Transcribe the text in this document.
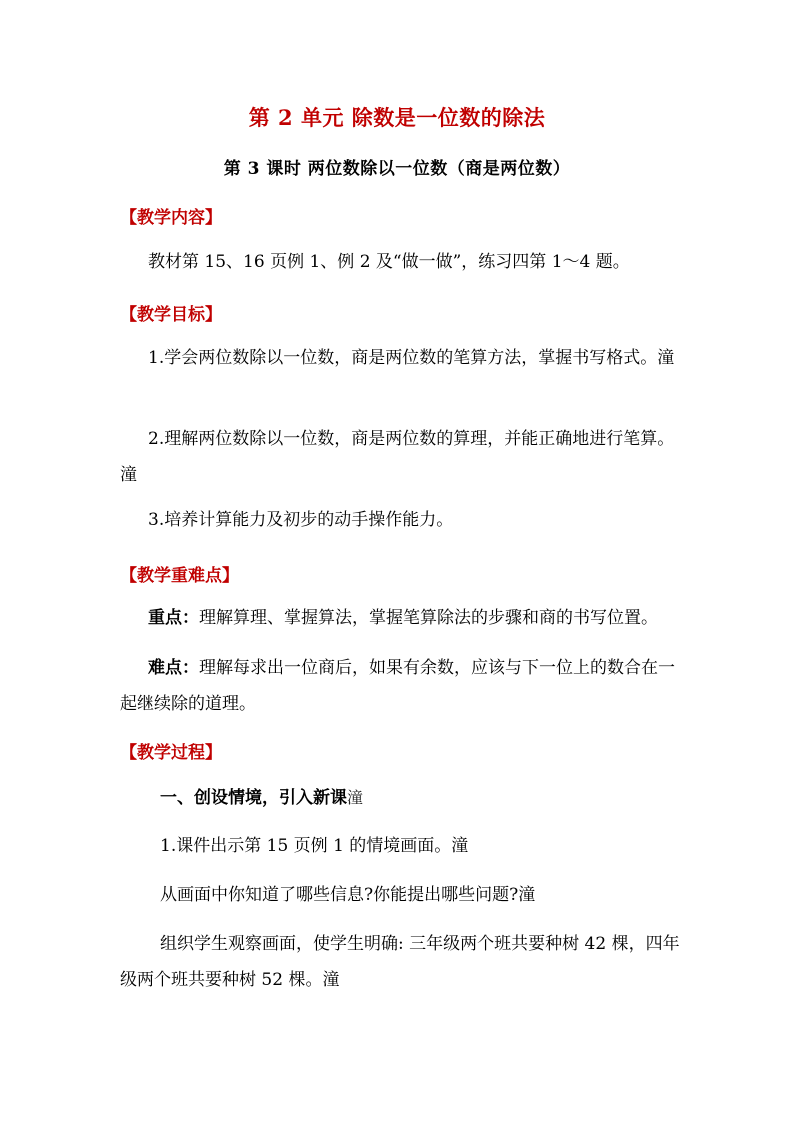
第 2 单元 除数是一位数的除法
第 3 课时 两位数除以一位数（商是两位数）
【教学内容】
教材第 15、16 页例 1、例 2 及“做一做”，练习四第 1～4 题。
【教学目标】
1.学会两位数除以一位数，商是两位数的笔算方法，掌握书写格式。潼
2.理解两位数除以一位数，商是两位数的算理，并能正确地进行笔算。潼
3.培养计算能力及初步的动手操作能力。
【教学重难点】
重点：理解算理、掌握算法，掌握笔算除法的步骤和商的书写位置。
难点：理解每求出一位商后，如果有余数，应该与下一位上的数合在一起继续除的道理。
【教学过程】
一、创设情境，引入新课潼
1.课件出示第 15 页例 1 的情境画面。潼
从画面中你知道了哪些信息?你能提出哪些问题?潼
组织学生观察画面，使学生明确: 三年级两个班共要种树 42 棵，四年级两个班共要种树 52 棵。潼
